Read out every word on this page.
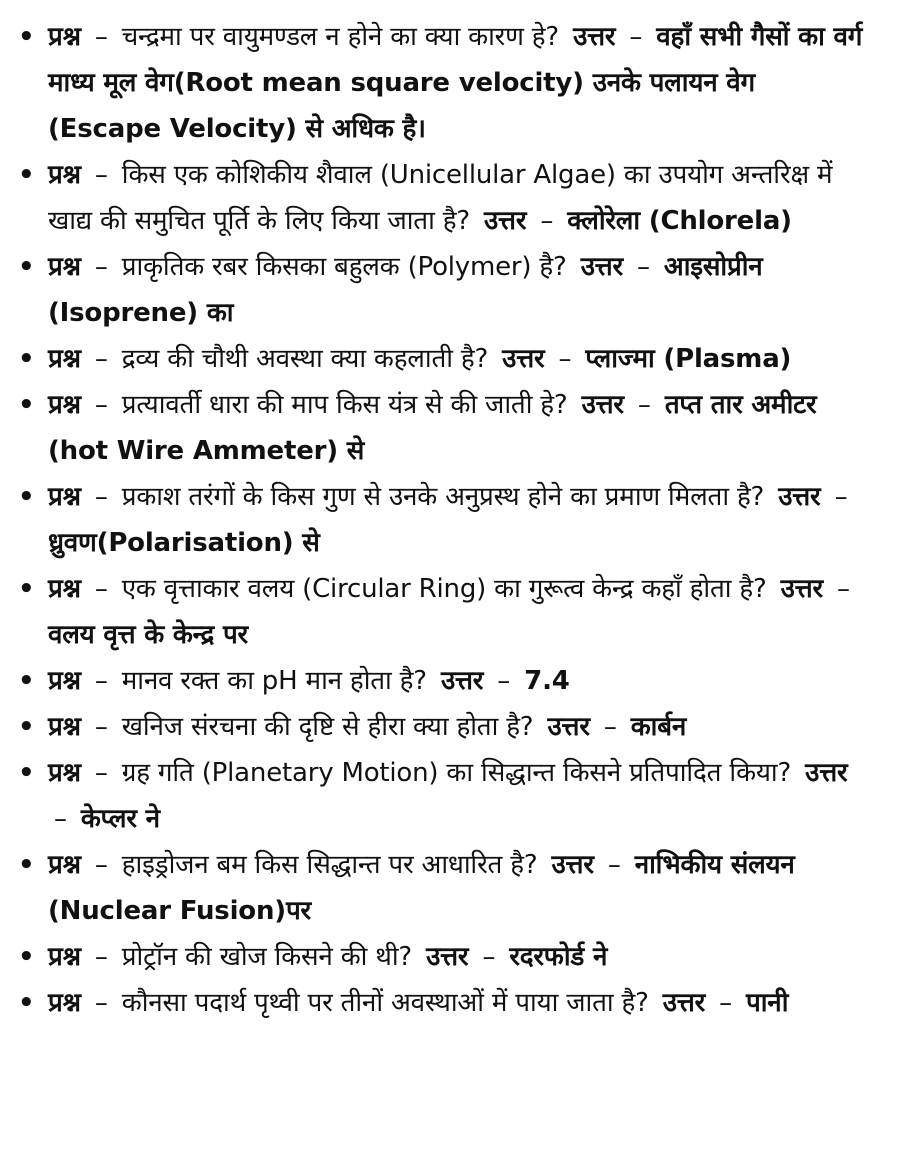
• प्रश्न – चन्द्रमा पर वायुमण्डल न होने का क्या कारण हे? उत्तर – वहाँ सभी गैसों का वर्ग माध्य मूल वेग(Root mean square velocity) उनके पलायन वेग (Escape Velocity) से अधिक है।
• प्रश्न – किस एक कोशिकीय शैवाल (Unicellular Algae) का उपयोग अन्तरिक्ष में खाद्य की समुचित पूर्ति के लिए किया जाता है? उत्तर – क्लोरेला (Chlorela)
• प्रश्न – प्राकृतिक रबर किसका बहुलक (Polymer) है? उत्तर – आइसोप्रीन (Isoprene) का
• प्रश्न – द्रव्य की चौथी अवस्था क्या कहलाती है? उत्तर – प्लाज्मा (Plasma)
• प्रश्न – प्रत्यावर्ती धारा की माप किस यंत्र से की जाती हे? उत्तर – तप्त तार अमीटर (hot Wire Ammeter) से
• प्रश्न – प्रकाश तरंगों के किस गुण से उनके अनुप्रस्थ होने का प्रमाण मिलता है? उत्तर – ध्रुवण(Polarisation) से
• प्रश्न – एक वृत्ताकार वलय (Circular Ring) का गुरूत्व केन्द्र कहाँ होता है? उत्तर – वलय वृत्त के केन्द्र पर
• प्रश्न – मानव रक्त का pH मान होता है? उत्तर – 7.4
• प्रश्न – खनिज संरचना की दृष्टि से हीरा क्या होता है? उत्तर – कार्बन
• प्रश्न – ग्रह गति (Planetary Motion) का सिद्धान्त किसने प्रतिपादित किया? उत्तर – केप्लर ने
• प्रश्न – हाइड्रोजन बम किस सिद्धान्त पर आधारित है? उत्तर – नाभिकीय संलयन (Nuclear Fusion)पर
• प्रश्न – प्रोट्रॉन की खोज किसने की थी? उत्तर – रदरफोर्ड ने
• प्रश्न – कौनसा पदार्थ पृथ्वी पर तीनों अवस्थाओं में पाया जाता है? उत्तर – पानी
